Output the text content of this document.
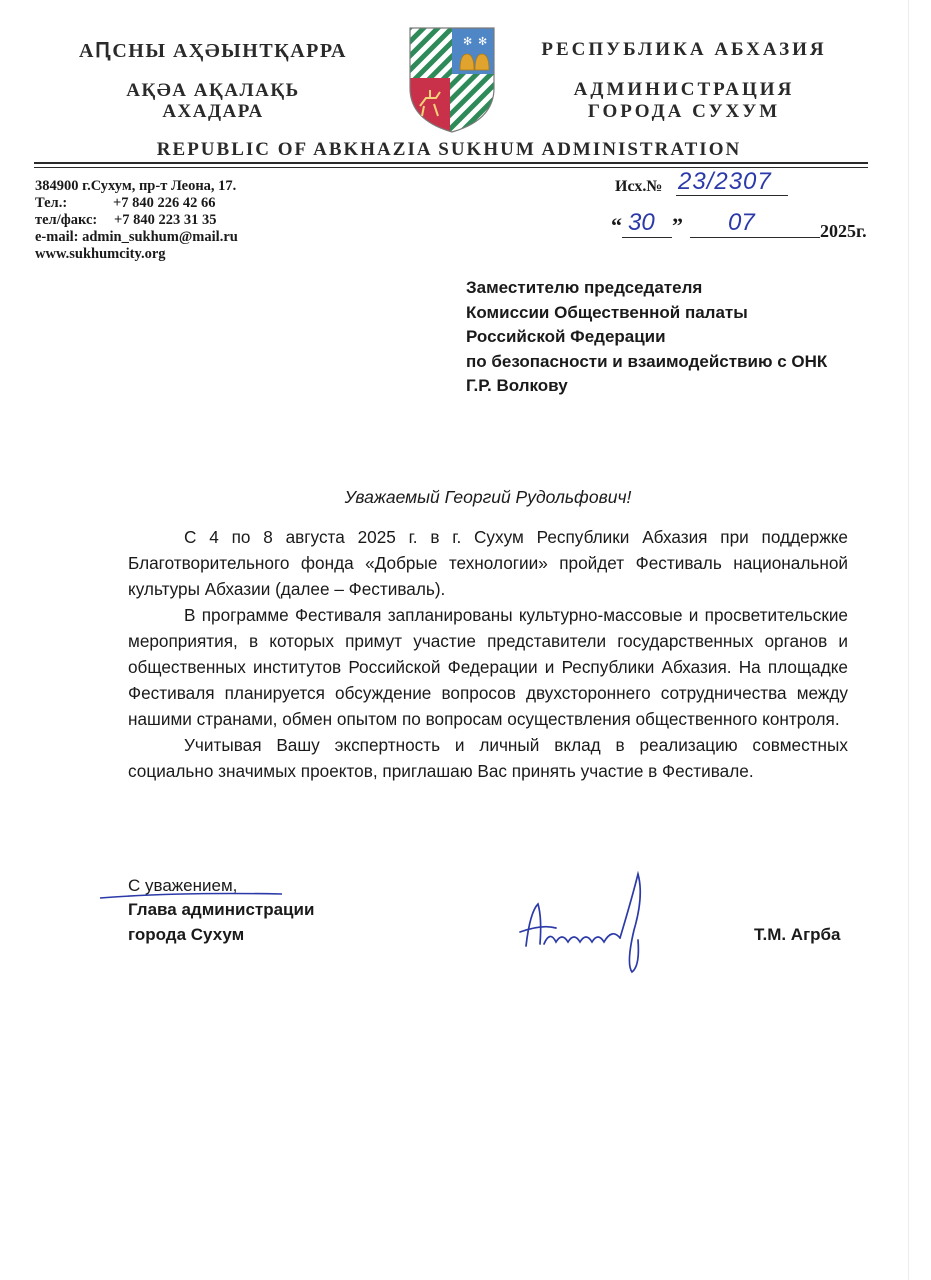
АԤСНЫ АҲӘЫНТҚАРРА
АҚӘА АҚАЛАҚЬ
АХАДАРА
✻ ✻	РЕСПУБЛИКА АБХАЗИЯ
АДМИНИСТРАЦИЯ
ГОРОДА СУХУМ
REPUBLIC OF ABKHAZIA SUKHUM ADMINISTRATION
384900 г.Сухум, пр-т Леона, 17.
Тел.:	+7 840 226 42 66
тел/факс: +7 840 223 31 35
e-mail: admin_sukhum@mail.ru
www.sukhumcity.org
Исх.№ 23/2307
“ 30 ” 07	2025г.
Заместителю председателя
Комиссии Общественной палаты
Российской Федерации
по безопасности и взаимодействию с ОНК
Г.Р. Волкову
Уважаемый Георгий Рудольфович!

С 4 по 8 августа 2025 г. в г. Сухум Республики Абхазия при поддержке Благотворительного фонда «Добрые технологии» пройдет Фестиваль национальной культуры Абхазии (далее – Фестиваль).

В программе Фестиваля запланированы культурно-массовые и просветительские мероприятия, в которых примут участие представители государственных органов и общественных институтов Российской Федерации и Республики Абхазия. На площадке Фестиваля планируется обсуждение вопросов двухстороннего сотрудничества между нашими странами, обмен опытом по вопросам осуществления общественного контроля.

Учитывая Вашу экспертность и личный вклад в реализацию совместных социально значимых проектов, приглашаю Вас принять участие в Фестивале.

С уважением,
Глава администрации
города Сухум	Т.М. Агрба
